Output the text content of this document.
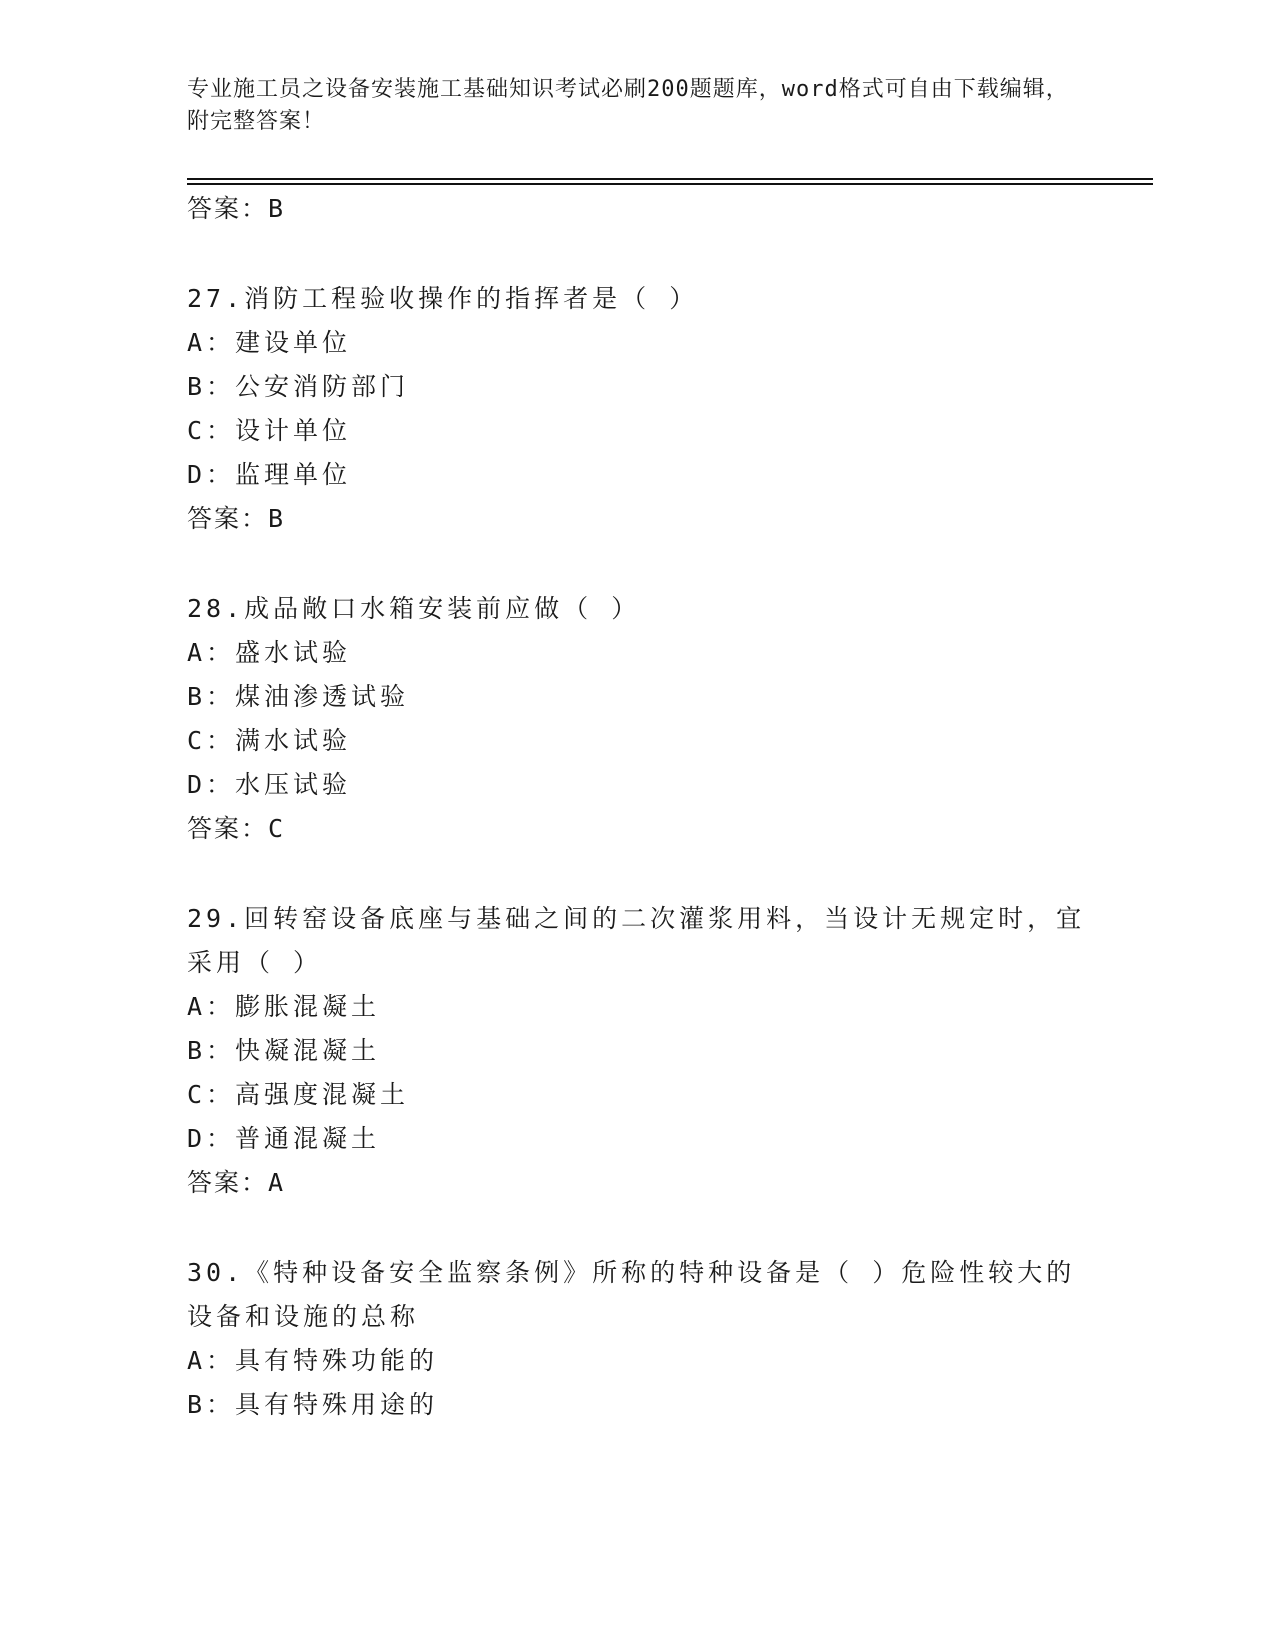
专业施工员之设备安装施工基础知识考试必刷200题题库，word格式可自由下载编辑，附完整答案！
答案：B
27.消防工程验收操作的指挥者是（ ）
A：建设单位
B：公安消防部门
C：设计单位
D：监理单位
答案：B
28.成品敞口水箱安装前应做（ ）
A：盛水试验
B：煤油渗透试验
C：满水试验
D：水压试验
答案：C
29.回转窑设备底座与基础之间的二次灌浆用料，当设计无规定时，宜
采用（ ）
A：膨胀混凝土
B：快凝混凝土
C：高强度混凝土
D：普通混凝土
答案：A
30.《特种设备安全监察条例》所称的特种设备是（ ）危险性较大的
设备和设施的总称
A：具有特殊功能的
B：具有特殊用途的
